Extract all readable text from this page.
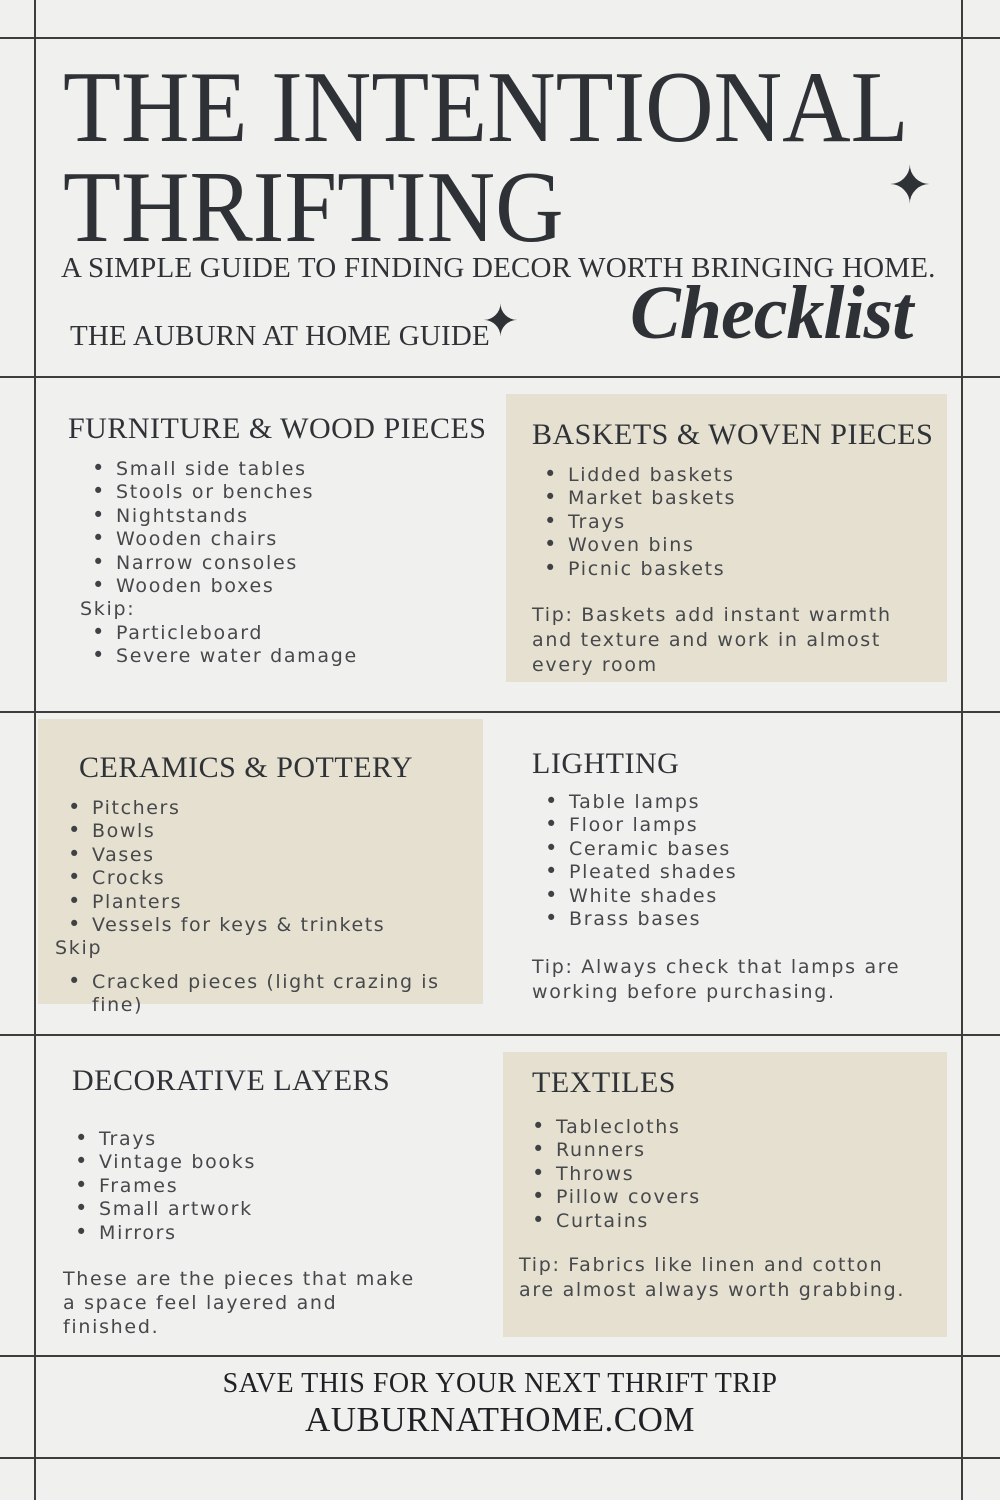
THE INTENTIONAL
THRIFTING	✦
A SIMPLE GUIDE TO FINDING DECOR WORTH BRINGING HOME.
THE AUBURN AT HOME GUIDE
✦ Checklist
FURNITURE & WOOD PIECES
• Small side tables
• Stools or benches
• Nightstands
• Wooden chairs
• Narrow consoles
• Wooden boxes
Skip:
• Particleboard
• Severe water damage
BASKETS & WOVEN PIECES
• Lidded baskets
• Market baskets
• Trays
• Woven bins
• Picnic baskets

Tip: Baskets add instant warmth and texture and work in almost every room

CERAMICS & POTTERY
• Pitchers
• Bowls
• Vases
• Crocks
• Planters
• Vessels for keys & trinkets
Skip
• Cracked pieces (light crazing is fine)
LIGHTING
• Table lamps
• Floor lamps
• Ceramic bases
• Pleated shades
• White shades
• Brass bases

Tip: Always check that lamps are working before purchasing.

DECORATIVE LAYERS
• Trays
• Vintage books
• Frames
• Small artwork
• Mirrors

These are the pieces that make a space feel layered and finished.

TEXTILES
• Tablecloths
• Runners
• Throws
• Pillow covers
• Curtains

Tip: Fabrics like linen and cotton are almost always worth grabbing.

SAVE THIS FOR YOUR NEXT THRIFT TRIP
AUBURNATHOME.COM
